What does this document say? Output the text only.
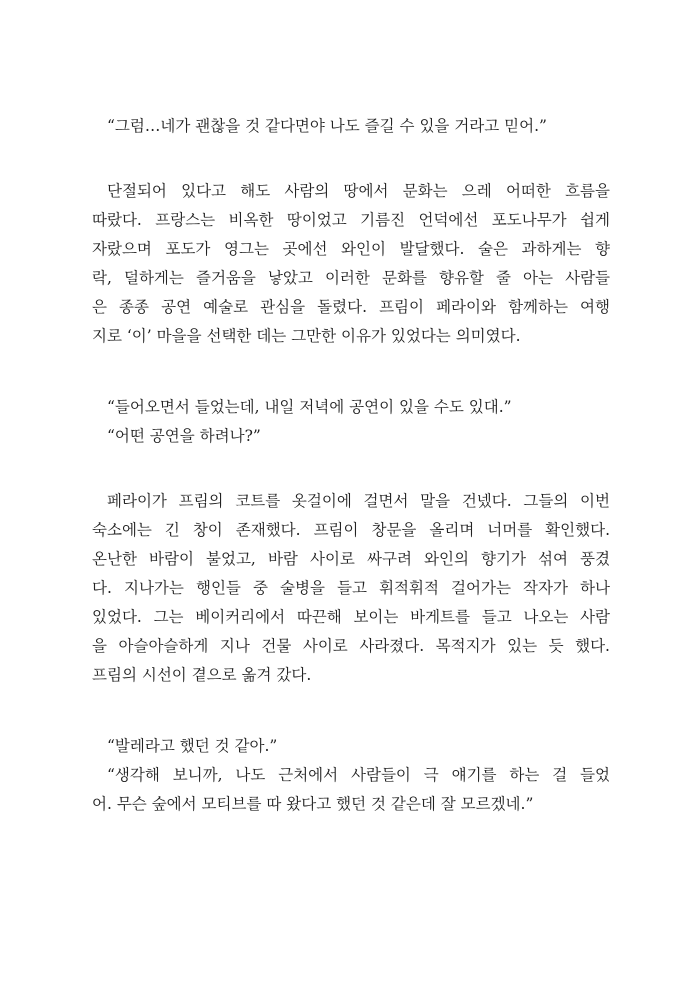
“그럼…네가 괜찮을 것 같다면야 나도 즐길 수 있을 거라고 믿어.”
단절되어 있다고 해도 사람의 땅에서 문화는 으레 어떠한 흐름을
따랐다. 프랑스는 비옥한 땅이었고 기름진 언덕에선 포도나무가 쉽게
자랐으며 포도가 영그는 곳에선 와인이 발달했다. 술은 과하게는 향
락, 덜하게는 즐거움을 낳았고 이러한 문화를 향유할 줄 아는 사람들
은 종종 공연 예술로 관심을 돌렸다. 프림이 페라이와 함께하는 여행
지로 ‘이’ 마을을 선택한 데는 그만한 이유가 있었다는 의미였다.
“들어오면서 들었는데, 내일 저녁에 공연이 있을 수도 있대.”
“어떤 공연을 하려나?”
페라이가 프림의 코트를 옷걸이에 걸면서 말을 건넸다. 그들의 이번
숙소에는 긴 창이 존재했다. 프림이 창문을 올리며 너머를 확인했다.
온난한 바람이 불었고, 바람 사이로 싸구려 와인의 향기가 섞여 풍겼
다. 지나가는 행인들 중 술병을 들고 휘적휘적 걸어가는 작자가 하나
있었다. 그는 베이커리에서 따끈해 보이는 바게트를 들고 나오는 사람
을 아슬아슬하게 지나 건물 사이로 사라졌다. 목적지가 있는 듯 했다.
프림의 시선이 곁으로 옮겨 갔다.
“발레라고 했던 것 같아.”
“생각해 보니까, 나도 근처에서 사람들이 극 얘기를 하는 걸 들었
어. 무슨 숲에서 모티브를 따 왔다고 했던 것 같은데 잘 모르겠네.”
